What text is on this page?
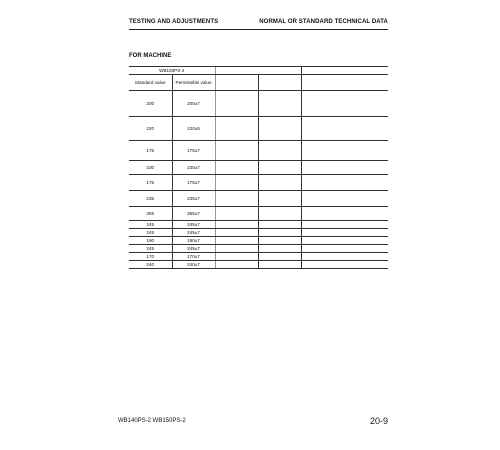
TESTING AND ADJUSTMENTS	NORMAL OR STANDARD TECHNICAL DATA
FOR MACHINE
WB150PS-2					
Standard value	Permissible value				
200	200±7				
220	220±5				
175	175±7				
230	230±7				
175	175±7				
235	235±7				
355	355±7				
245	245±7				
245	245±7				
190	190±7				
245	245±7				
170	170±7				
240	240±7				
WB140PS-2 WB150PS-2	20-9
